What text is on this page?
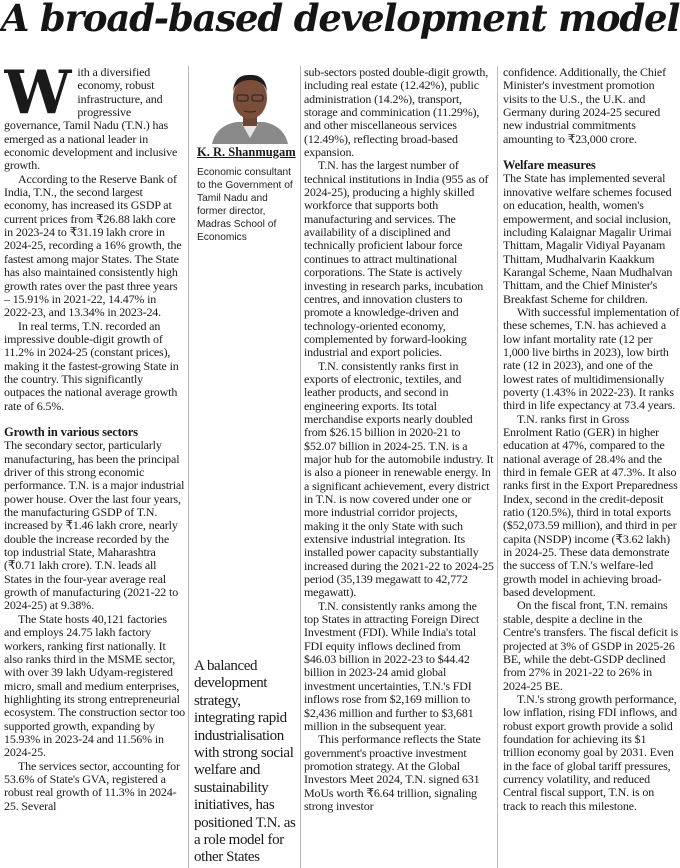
A broad-based development model

With a diversified economy, robust infrastructure, and progressive governance, Tamil Nadu (T.N.) has emerged as a national leader in economic development and inclusive growth.

According to the Reserve Bank of India, T.N., the second largest economy, has increased its GSDP at current prices from ₹26.88 lakh core in 2023-24 to ₹31.19 lakh crore in 2024-25, recording a 16% growth, the fastest among major States. The State has also maintained consistently high growth rates over the past three years – 15.91% in 2021-22, 14.47% in 2022-23, and 13.34% in 2023-24.

In real terms, T.N. recorded an impressive double-digit growth of 11.2% in 2024-25 (constant prices), making it the fastest-growing State in the country. This significantly outpaces the national average growth rate of 6.5%.

Growth in various sectors

The secondary sector, particularly manufacturing, has been the principal driver of this strong economic performance. T.N. is a major industrial power house. Over the last four years, the manufacturing GSDP of T.N. increased by ₹1.46 lakh crore, nearly double the increase recorded by the top industrial State, Maharashtra (₹0.71 lakh crore). T.N. leads all States in the four-year average real growth of manufacturing (2021-22 to 2024-25) at 9.38%.

The State hosts 40,121 factories and employs 24.75 lakh factory workers, ranking first nationally. It also ranks third in the MSME sector, with over 39 lakh Udyam-registered micro, small and medium enterprises, highlighting its strong entrepreneurial ecosystem. The construction sector too supported growth, expanding by 15.93% in 2023-24 and 11.56% in 2024-25.

The services sector, accounting for 53.6% of State's GVA, registered a robust real growth of 11.3% in 2024-25. Several

K. R. Shanmugam
Economic consultant to the Government of Tamil Nadu and former director, Madras School of Economics
A balanced development strategy, integrating rapid industrialisation with strong social welfare and sustainability initiatives, has positioned T.N. as a role model for other States

sub-sectors posted double-digit growth, including real estate (12.42%), public administration (14.2%), transport, storage and comminication (11.29%), and other miscellaneous services (12.49%), reflecting broad-based expansion.

T.N. has the largest number of technical institutions in India (955 as of 2024-25), producing a highly skilled workforce that supports both manufacturing and services. The availability of a disciplined and technically proficient labour force continues to attract multinational corporations. The State is actively investing in research parks, incubation centres, and innovation clusters to promote a knowledge-driven and technology-oriented economy, complemented by forward-looking industrial and export policies.

T.N. consistently ranks first in exports of electronic, textiles, and leather products, and second in engineering exports. Its total merchandise exports nearly doubled from $26.15 billion in 2020-21 to $52.07 billion in 2024-25. T.N. is a major hub for the automobile industry. It is also a pioneer in renewable energy. In a significant achievement, every district in T.N. is now covered under one or more industrial corridor projects, making it the only State with such extensive industrial integration. Its installed power capacity substantially increased during the 2021-22 to 2024-25 period (35,139 megawatt to 42,772 megawatt).

T.N. consistently ranks among the top States in attracting Foreign Direct Investment (FDI). While India's total FDI equity inflows declined from $46.03 billion in 2022-23 to $44.42 billion in 2023-24 amid global investment uncertainties, T.N.'s FDI inflows rose from $2,169 million to $2,436 million and further to $3,681 million in the subsequent year.

This performance reflects the State government's proactive investment promotion strategy. At the Global Investors Meet 2024, T.N. signed 631 MoUs worth ₹6.64 trillion, signaling strong investor

confidence. Additionally, the Chief Minister's investment promotion visits to the U.S., the U.K. and Germany during 2024-25 secured new industrial commitments amounting to ₹23,000 crore.

Welfare measures

The State has implemented several innovative welfare schemes focused on education, health, women's empowerment, and social inclusion, including Kalaignar Magalir Urimai Thittam, Magalir Vidiyal Payanam Thittam, Mudhalvarin Kaakkum Karangal Scheme, Naan Mudhalvan Thittam, and the Chief Minister's Breakfast Scheme for children.

With successful implementation of these schemes, T.N. has achieved a low infant mortality rate (12 per 1,000 live births in 2023), low birth rate (12 in 2023), and one of the lowest rates of multidimensionally poverty (1.43% in 2022-23). It ranks third in life expectancy at 73.4 years.

T.N. ranks first in Gross Enrolment Ratio (GER) in higher education at 47%, compared to the national average of 28.4% and the third in female GER at 47.3%. It also ranks first in the Export Preparedness Index, second in the credit-deposit ratio (120.5%), third in total exports ($52,073.59 million), and third in per capita (NSDP) income (₹3.62 lakh) in 2024-25. These data demonstrate the success of T.N.'s welfare-led growth model in achieving broad-based development.

On the fiscal front, T.N. remains stable, despite a decline in the Centre's transfers. The fiscal deficit is projected at 3% of GSDP in 2025-26 BE, while the debt-GSDP declined from 27% in 2021-22 to 26% in 2024-25 BE.

T.N.'s strong growth performance, low inflation, rising FDI inflows, and robust export growth provide a solid foundation for achieving its $1 trillion economy goal by 2031. Even in the face of global tariff pressures, currency volatility, and reduced Central fiscal support, T.N. is on track to reach this milestone.
